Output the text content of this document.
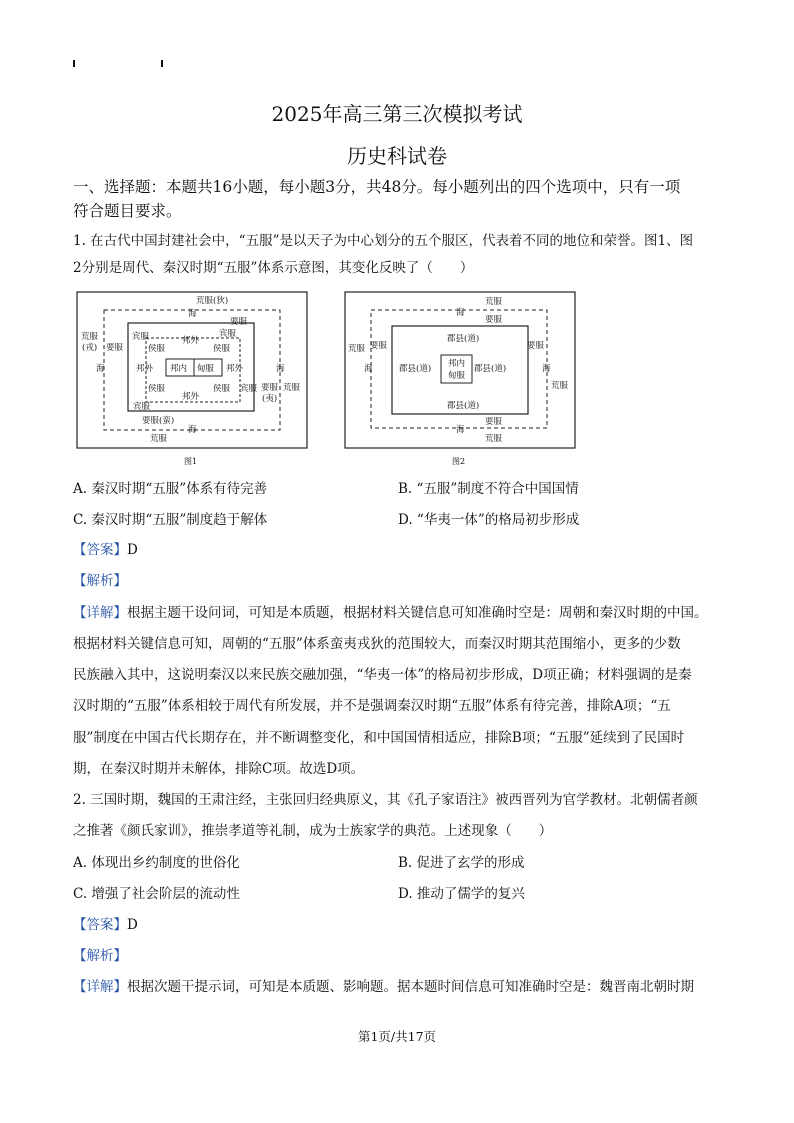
2025年高三第三次模拟考试
历史科试卷
一、选择题：本题共16小题，每小题3分，共48分。每小题列出的四个选项中，只有一项
符合题目要求。
1. 在古代中国封建社会中，“五服”是以天子为中心划分的五个服区，代表着不同的地位和荣誉。图1、图
2分别是周代、秦汉时期“五服”体系示意图，其变化反映了（　　）
荒服(狄)
海
要服
宾服
荒服
(戎) 要服
海
宾服
侯服
邦外
侯服
邦外 邦内 甸服 邦外
侯服
邦外
侯服 宾服
宾服
海
要服
(夷)
荒服
要服(蛮)
海
荒服
图1
荒服
海
要服
荒服 要服
海
郡县(道)
郡县(道) 邦内
甸服
郡县(道)
郡县(道)
要服
海
荒服
要服
海
荒服
图2
A. 秦汉时期“五服”体系有待完善	B. “五服”制度不符合中国国情
C. 秦汉时期“五服”制度趋于解体	D. “华夷一体”的格局初步形成
【答案】D
【解析】
【详解】根据主题干设问词，可知是本质题，根据材料关键信息可知准确时空是：周朝和秦汉时期的中国。
根据材料关键信息可知，周朝的“五服”体系蛮夷戎狄的范围较大，而秦汉时期其范围缩小，更多的少数
民族融入其中，这说明秦汉以来民族交融加强，“华夷一体”的格局初步形成，D项正确；材料强调的是秦
汉时期的“五服”体系相较于周代有所发展，并不是强调秦汉时期“五服”体系有待完善，排除A项；“五
服”制度在中国古代长期存在，并不断调整变化，和中国国情相适应，排除B项；“五服”延续到了民国时
期，在秦汉时期并未解体，排除C项。故选D项。
2. 三国时期，魏国的王肃注经，主张回归经典原义，其《孔子家语注》被西晋列为官学教材。北朝儒者颜
之推著《颜氏家训》，推崇孝道等礼制，成为士族家学的典范。上述现象（　　）
A. 体现出乡约制度的世俗化	B. 促进了玄学的形成
C. 增强了社会阶层的流动性	D. 推动了儒学的复兴
【答案】D
【解析】
【详解】根据次题干提示词，可知是本质题、影响题。据本题时间信息可知准确时空是：魏晋南北朝时期
第1页/共17页
